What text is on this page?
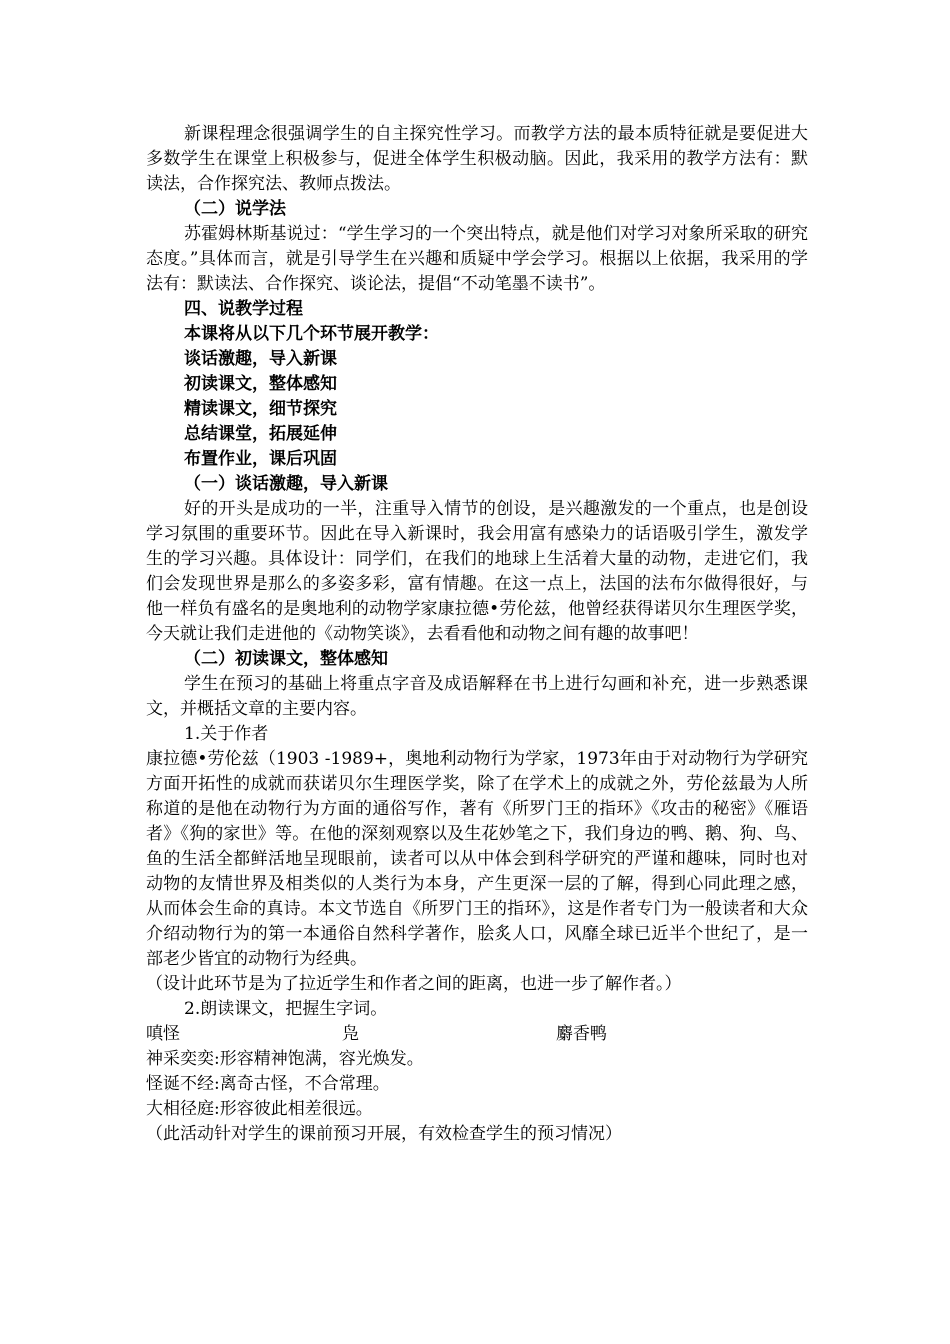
新课程理念很强调学生的自主探究性学习。而教学方法的最本质特征就是要促进大多数学生在课堂上积极参与，促进全体学生积极动脑。因此，我采用的教学方法有：默读法，合作探究法、教师点拨法。

（二）说学法

苏霍姆林斯基说过：“学生学习的一个突出特点，就是他们对学习对象所采取的研究态度。”具体而言，就是引导学生在兴趣和质疑中学会学习。根据以上依据，我采用的学法有：默读法、合作探究、谈论法，提倡“不动笔墨不读书”。

四、说教学过程

本课将从以下几个环节展开教学：

谈话激趣，导入新课

初读课文，整体感知

精读课文，细节探究

总结课堂，拓展延伸

布置作业，课后巩固

（一）谈话激趣，导入新课

好的开头是成功的一半，注重导入情节的创设，是兴趣激发的一个重点，也是创设学习氛围的重要环节。因此在导入新课时，我会用富有感染力的话语吸引学生，激发学生的学习兴趣。具体设计：同学们，在我们的地球上生活着大量的动物，走进它们，我们会发现世界是那么的多姿多彩，富有情趣。在这一点上，法国的法布尔做得很好，与他一样负有盛名的是奥地利的动物学家康拉德•劳伦兹，他曾经获得诺贝尔生理医学奖，今天就让我们走进他的《动物笑谈》，去看看他和动物之间有趣的故事吧！

（二）初读课文，整体感知

学生在预习的基础上将重点字音及成语解释在书上进行勾画和补充，进一步熟悉课文，并概括文章的主要内容。

1.关于作者

康拉德•劳伦兹（1903 -1989+，奥地利动物行为学家，1973年由于对动物行为学研究方面开拓性的成就而获诺贝尔生理医学奖，除了在学术上的成就之外，劳伦兹最为人所称道的是他在动物行为方面的通俗写作，著有《所罗门王的指环》《攻击的秘密》《雁语者》《狗的家世》等。在他的深刻观察以及生花妙笔之下，我们身边的鸭、鹅、狗、鸟、鱼的生活全都鲜活地呈现眼前，读者可以从中体会到科学研究的严谨和趣味，同时也对动物的友情世界及相类似的人类行为本身，产生更深一层的了解，得到心同此理之感，从而体会生命的真诗。本文节选自《所罗门王的指环》，这是作者专门为一般读者和大众介绍动物行为的第一本通俗自然科学著作，脍炙人口，风靡全球已近半个世纪了，是一部老少皆宜的动物行为经典。

（设计此环节是为了拉近学生和作者之间的距离，也进一步了解作者。）

2.朗读课文，把握生字词。

嗔怪	凫	麝香鸭

神采奕奕:形容精神饱满，容光焕发。

怪诞不经:离奇古怪，不合常理。

大相径庭:形容彼此相差很远。

（此活动针对学生的课前预习开展，有效检查学生的预习情况）
